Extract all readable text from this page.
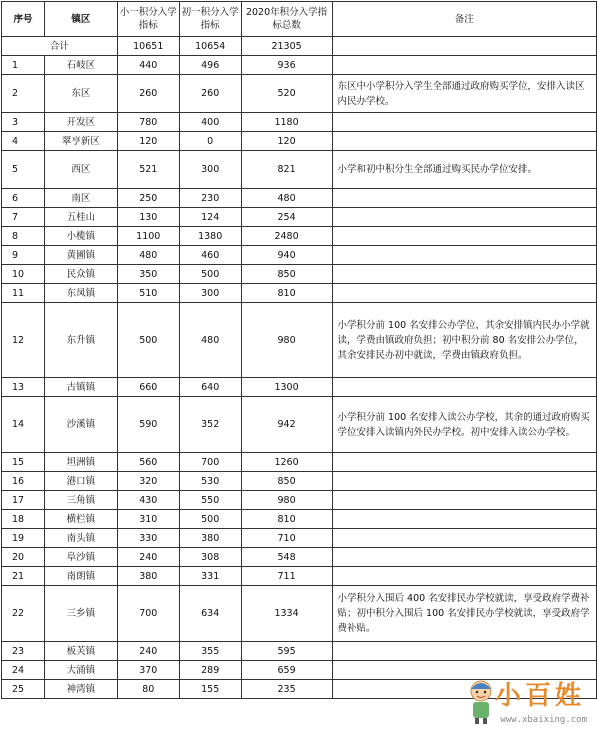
序号	镇区	小一积分入学指标	初一积分入学指标	2020年积分入学指标总数	备注
合计		10651	10654	21305	
1	石岐区	440	496	936	
2	东区	260	260	520	东区中小学积分入学生全部通过政府购买学位，安排入读区内民办学校。
3	开发区	780	400	1180	
4	翠亨新区	120	0	120	
5	西区	521	300	821	小学和初中积分生全部通过购买民办学位安排。
6	南区	250	230	480	
7	五桂山	130	124	254	
8	小榄镇	1100	1380	2480	
9	黄圃镇	480	460	940	
10	民众镇	350	500	850	
11	东凤镇	510	300	810	
12	东升镇	500	480	980	小学积分前 100 名安排公办学位，其余安排镇内民办小学就读，学费由镇政府负担；初中积分前 80 名安排公办学位，其余安排民办初中就读，学费由镇政府负担。
13	古镇镇	660	640	1300	
14	沙溪镇	590	352	942	小学积分前 100 名安排入读公办学校，其余的通过政府购买学位安排入读镇内外民办学校。初中安排入读公办学校。
15	坦洲镇	560	700	1260	
16	港口镇	320	530	850	
17	三角镇	430	550	980	
18	横栏镇	310	500	810	
19	南头镇	330	380	710	
20	阜沙镇	240	308	548	
21	南朗镇	380	331	711	
22	三乡镇	700	634	1334	小学积分入围后 400 名安排民办学校就读，享受政府学费补贴；初中积分入围后 100 名安排民办学校就读，享受政府学费补贴。
23	板芙镇	240	355	595	
24	大涌镇	370	289	659	
25	神湾镇	80	155	235		小百姓
www.xbaixing.com
